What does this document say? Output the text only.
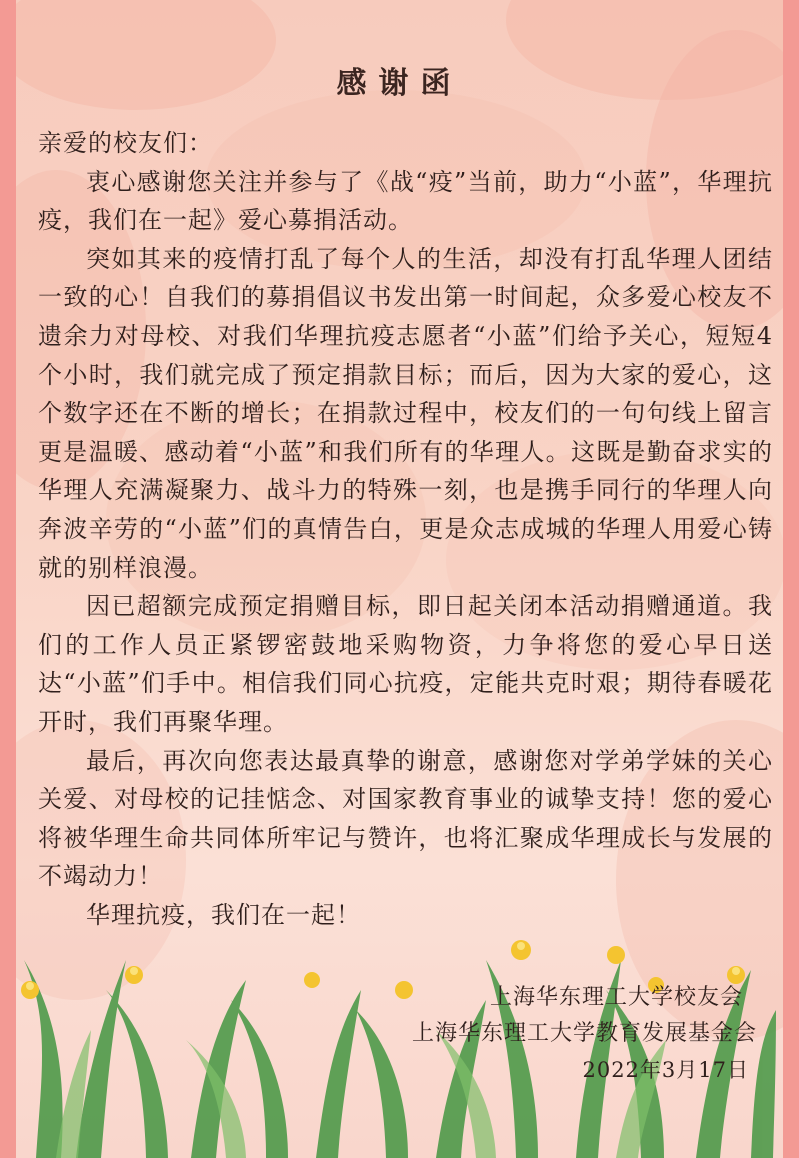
感谢函

亲爱的校友们：

衷心感谢您关注并参与了《战“疫”当前，助力“小蓝”，华理抗疫，我们在一起》爱心募捐活动。

突如其来的疫情打乱了每个人的生活，却没有打乱华理人团结一致的心！自我们的募捐倡议书发出第一时间起，众多爱心校友不遗余力对母校、对我们华理抗疫志愿者“小蓝”们给予关心，短短4个小时，我们就完成了预定捐款目标；而后，因为大家的爱心，这个数字还在不断的增长；在捐款过程中，校友们的一句句线上留言更是温暖、感动着“小蓝”和我们所有的华理人。这既是勤奋求实的华理人充满凝聚力、战斗力的特殊一刻，也是携手同行的华理人向奔波辛劳的“小蓝”们的真情告白，更是众志成城的华理人用爱心铸就的别样浪漫。

因已超额完成预定捐赠目标，即日起关闭本活动捐赠通道。我们的工作人员正紧锣密鼓地采购物资，力争将您的爱心早日送达“小蓝”们手中。相信我们同心抗疫，定能共克时艰；期待春暖花开时，我们再聚华理。

最后，再次向您表达最真挚的谢意，感谢您对学弟学妹的关心关爱、对母校的记挂惦念、对国家教育事业的诚挚支持！您的爱心将被华理生命共同体所牢记与赞许，也将汇聚成华理成长与发展的不竭动力！

华理抗疫，我们在一起！

上海华东理工大学校友会
上海华东理工大学教育发展基金会
2022年3月17日
